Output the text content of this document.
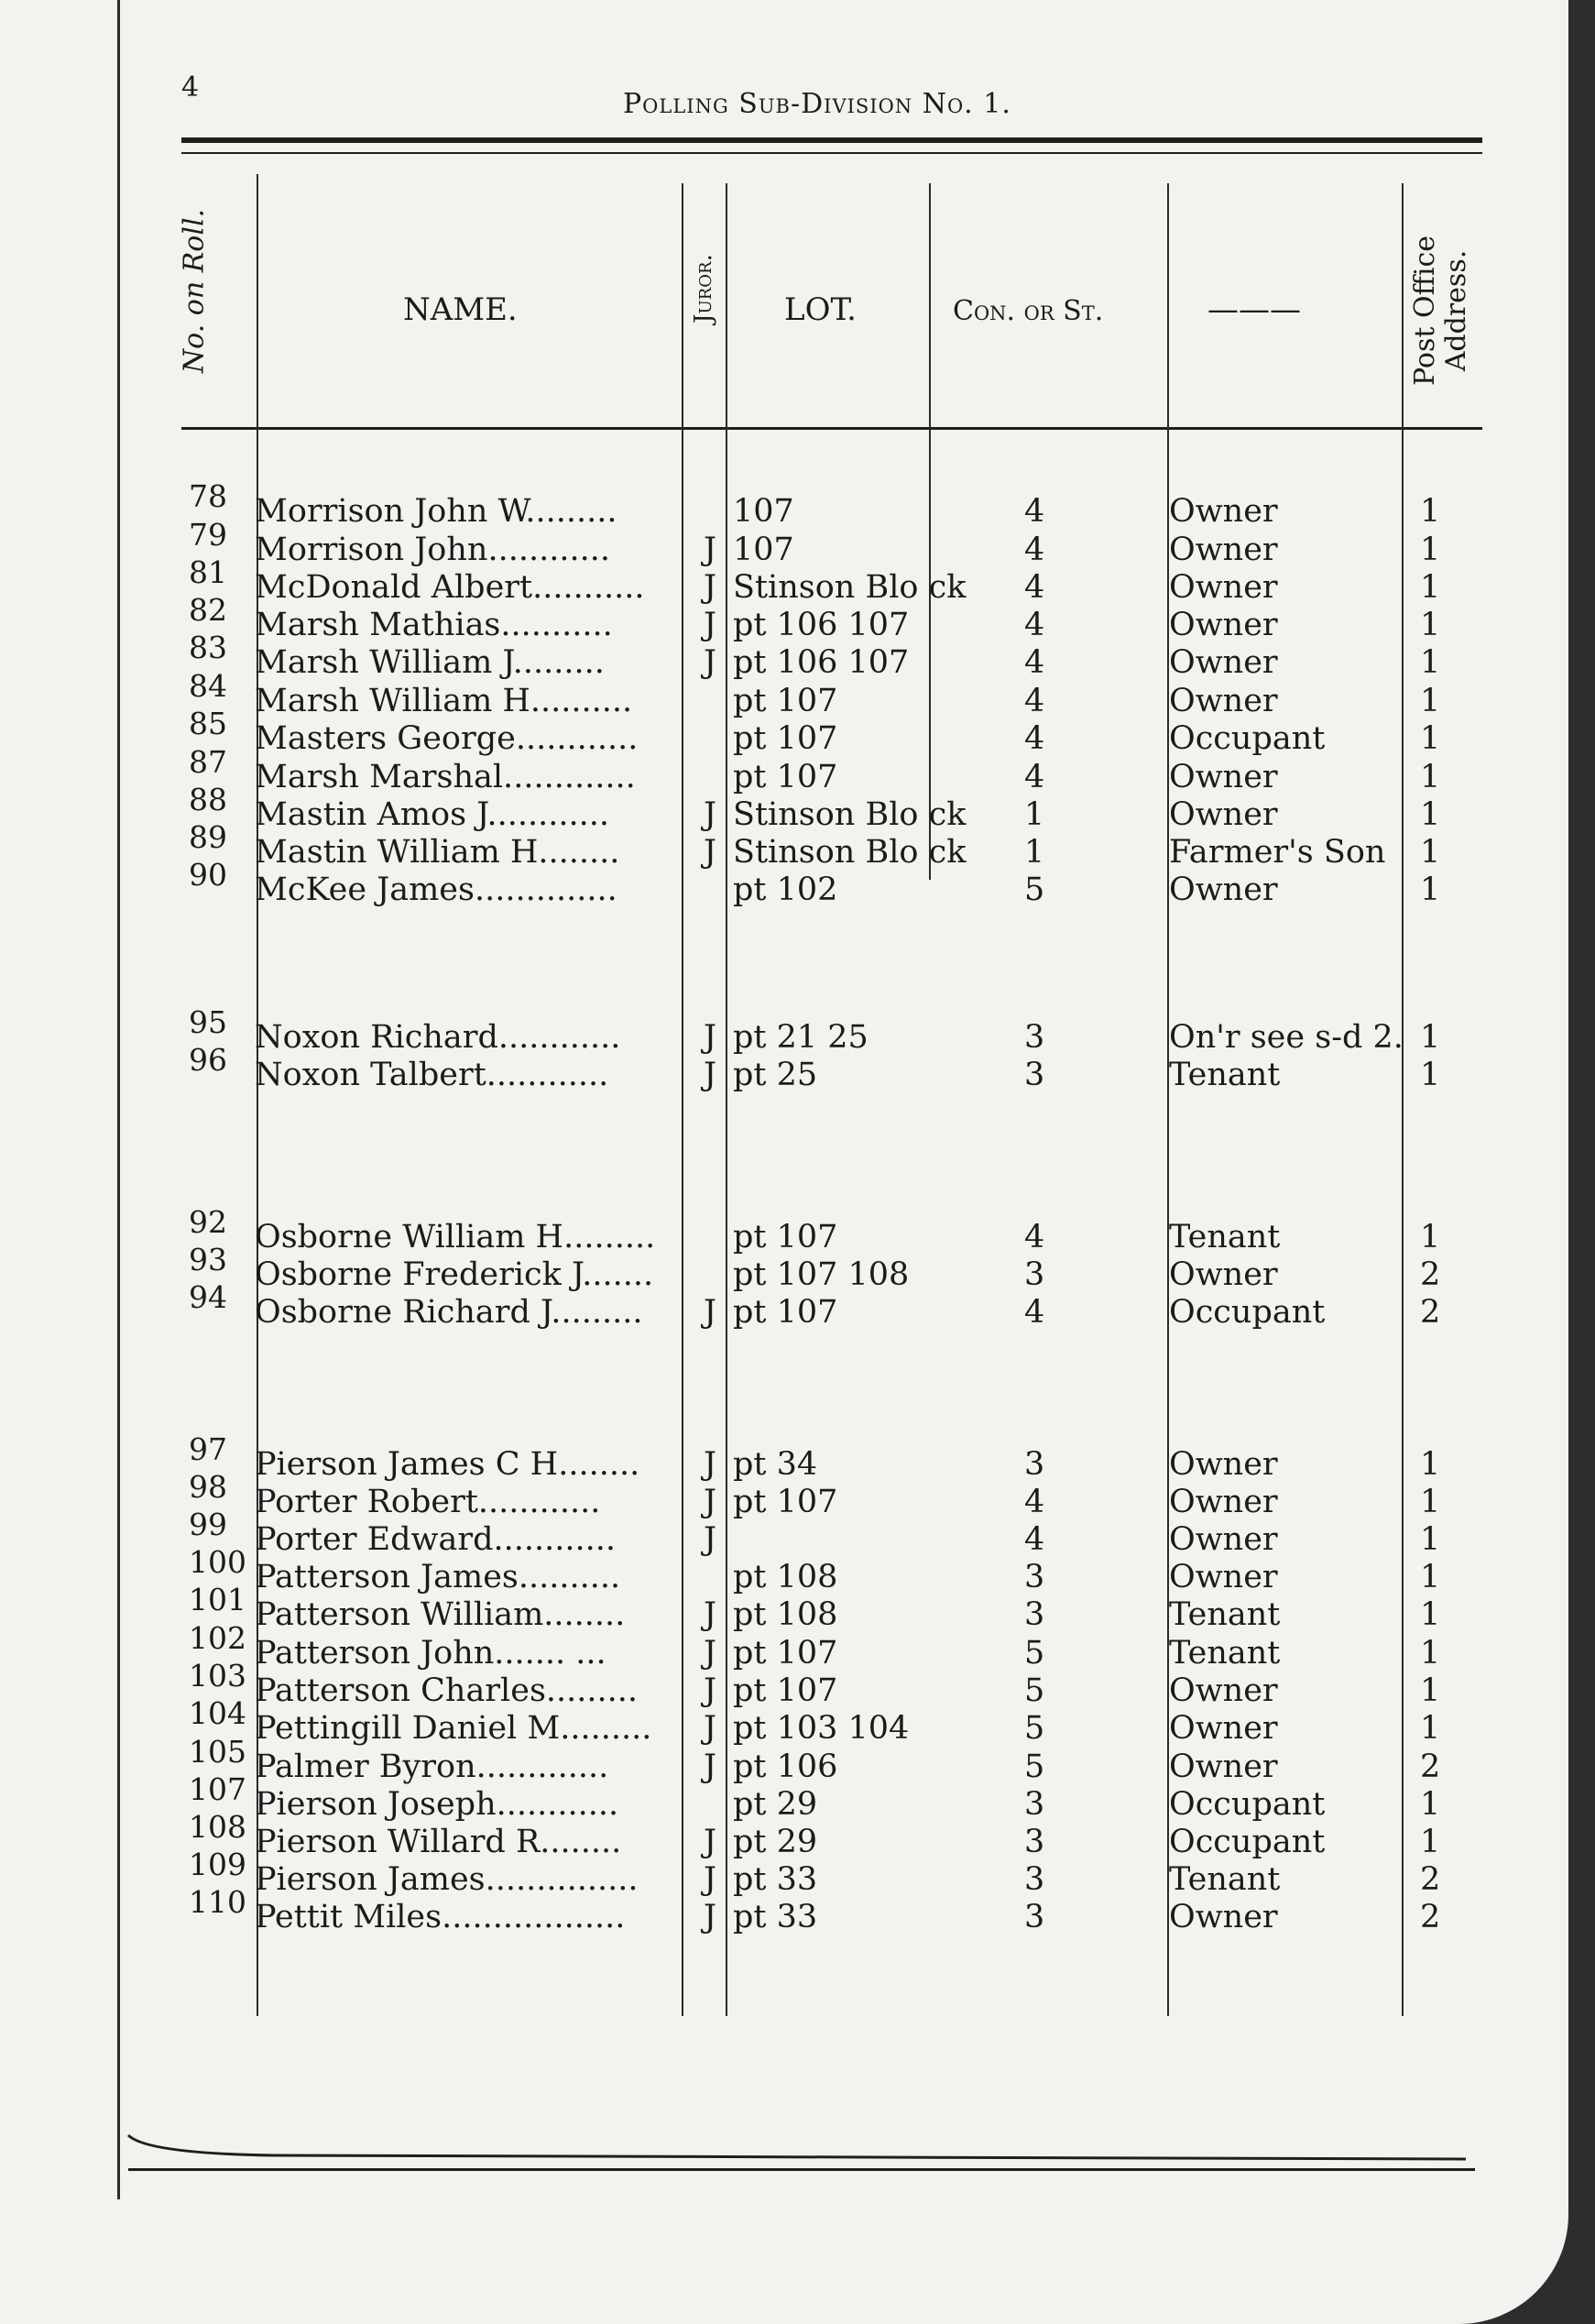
4
Polling Sub-Division No. 1.
No. on Roll.	NAME.	Juror. LOT.	Con. or St.	———	Post Office Address.
78 Morrison John W.........	107	4	Owner	1
79 Morrison John............	J 107	4	Owner	1
81 McDonald Albert........... J Stinson Blo ck 4	Owner	1
82 Marsh Mathias...........	J pt 106 107	4	Owner	1
83 Marsh William J.........	J pt 106 107	4	Owner	1
84 Marsh William H..........	pt 107	4	Owner	1
85 Masters George............	pt 107	4	Occupant	1
87 Marsh Marshal.............	pt 107	4	Owner	1
88 Mastin Amos J............	J Stinson Blo ck 1	Owner	1
89 Mastin William H........	J Stinson Blo ck 1	Farmer's Son 1
90 McKee James..............	pt 102	5	Owner	1
95 Noxon Richard............	J pt 21 25	3	On'r see s-d 2. 1
96 Noxon Talbert............	J pt 25	3	Tenant	1
92 Osborne William H......... pt 107	4	Tenant	1
93 Osborne Frederick J....... pt 107 108	3	Owner	2
94 Osborne Richard J......... J pt 107	4	Occupant	2
97 Pierson James C H........ J pt 34	3	Owner	1
98 Porter Robert............	J pt 107	4	Owner	1
99 Porter Edward............	J	4	Owner	1
100 Patterson James..........	pt 108	3	Owner	1
101 Patterson William........ J pt 108	3	Tenant	1
102 Patterson John....... ...	J pt 107	5	Tenant	1
103 Patterson Charles......... J pt 107	5	Owner	1
104 Pettingill Daniel M......... J pt 103 104	5	Owner	1
105 Palmer Byron.............	J pt 106	5	Owner	2
107 Pierson Joseph............	pt 29	3	Occupant	1
108 Pierson Willard R........	J pt 29	3	Occupant	1
109 Pierson James............... J pt 33	3	Tenant	2
110 Pettit Miles.................. J pt 33	3	Owner	2
